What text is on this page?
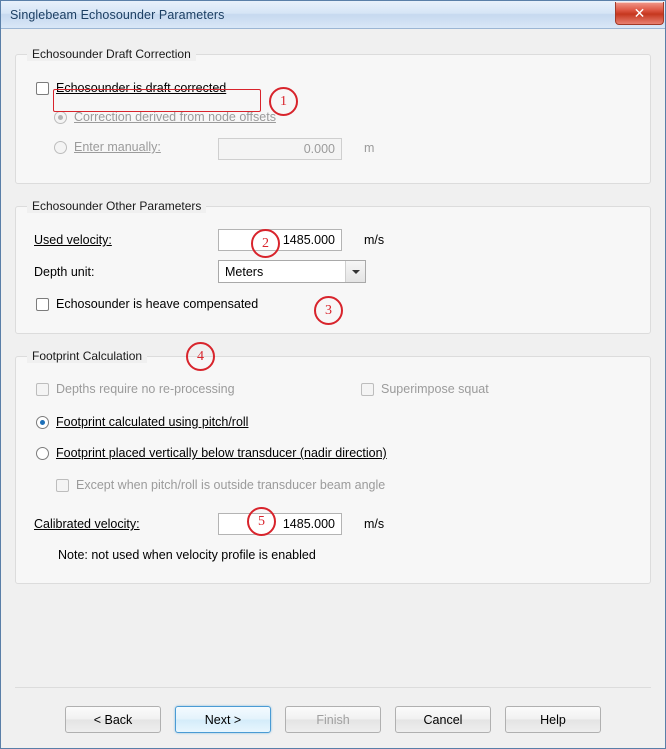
Singlebeam Echosounder Parameters	✕
Echosounder Draft Correction
Echosounder is draft corrected
Correction derived from node offsets
Enter manually:	0.000	m
Echosounder Other Parameters
Used velocity:	1485.000	m/s
Depth unit:	Meters
Echosounder is heave compensated
Footprint Calculation
Depths require no re-processing	Superimpose squat
Footprint calculated using pitch/roll
Footprint placed vertically below transducer (nadir direction)
Except when pitch/roll is outside transducer beam angle
Calibrated velocity:	1485.000	m/s
Note: not used when velocity profile is enabled
< Back	Next >	Finish	Cancel	Help
1
2
3
4
5
